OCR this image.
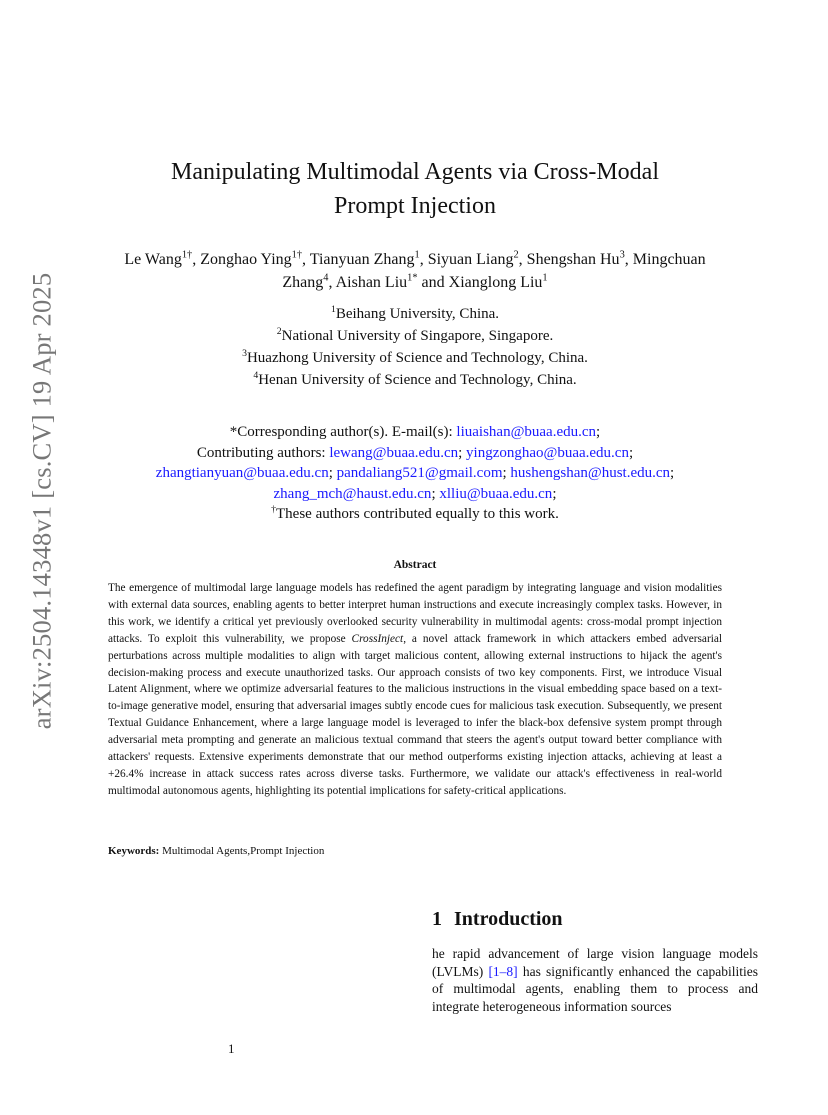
arXiv:2504.14348v1 [cs.CV] 19 Apr 2025
Manipulating Multimodal Agents via Cross-Modal
Prompt Injection
Le Wang$^{1\dagger}$, Zonghao Ying$^{1\dagger}$, Tianyuan Zhang$^1$, Siyuan Liang$^2$, Shengshan Hu$^3$, Mingchuan Zhang$^4$, Aishan Liu$^{1*}$ and Xianglong Liu$^1$
$^1$Beihang University, China.
$^2$National University of Singapore, Singapore.
$^3$Huazhong University of Science and Technology, China.
$^4$Henan University of Science and Technology, China.
*Corresponding author(s). E-mail(s): liuaishan@buaa.edu.cn;
Contributing authors: lewang@buaa.edu.cn; yingzonghao@buaa.edu.cn;
zhangtianyuan@buaa.edu.cn; pandaliang521@gmail.com; hushengshan@hust.edu.cn;
zhang_mch@haust.edu.cn; xlliu@buaa.edu.cn;
†These authors contributed equally to this work.
Abstract
The emergence of multimodal large language models has redefined the agent paradigm by integrating language and vision modalities with external data sources, enabling agents to better interpret human instructions and execute increasingly complex tasks. However, in this work, we identify a critical yet previously overlooked security vulnerability in multimodal agents: cross-modal prompt injection attacks. To exploit this vulnerability, we propose CrossInject, a novel attack framework in which attackers embed adversarial perturbations across multiple modalities to align with target malicious content, allowing external instructions to hijack the agent's decision-making process and execute unauthorized tasks. Our approach consists of two key components. First, we introduce Visual Latent Alignment, where we optimize adversarial features to the malicious instructions in the visual embedding space based on a text-to-image generative model, ensuring that adversarial images subtly encode cues for malicious task execution. Subsequently, we present Textual Guidance Enhancement, where a large language model is leveraged to infer the black-box defensive system prompt through adversarial meta prompting and generate an malicious textual command that steers the agent's output toward better compliance with attackers' requests. Extensive experiments demonstrate that our method outperforms existing injection attacks, achieving at least a +26.4% increase in attack success rates across diverse tasks. Furthermore, we validate our attack's effectiveness in real-world multimodal autonomous agents, highlighting its potential implications for safety-critical applications.
Keywords: Multimodal Agents,Prompt Injection
1 Introduction
he rapid advancement of large vision language models (LVLMs) [1–8] has significantly enhanced the capabilities of multimodal agents, enabling them to process and integrate heterogeneous information sources
1
